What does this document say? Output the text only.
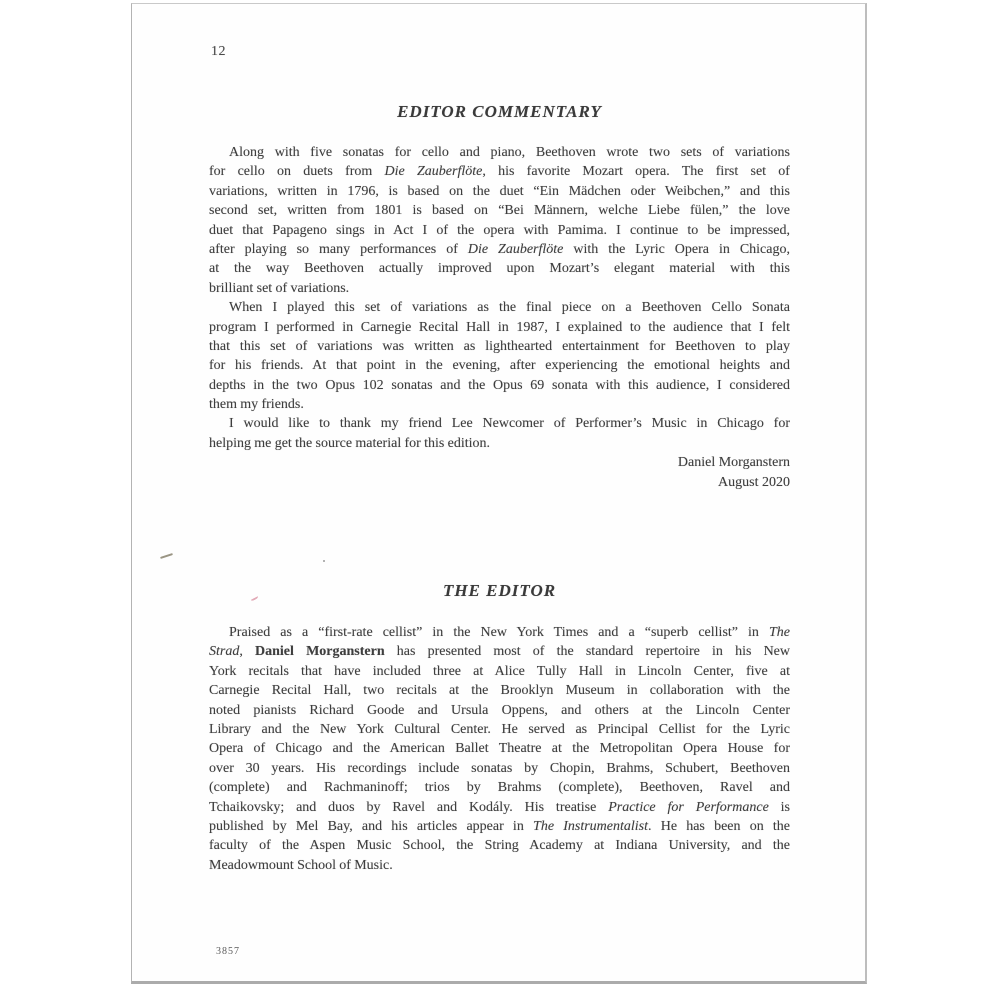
12
EDITOR COMMENTARY
Along with five sonatas for cello and piano, Beethoven wrote two sets of variations
for cello on duets from Die Zauberflöte, his favorite Mozart opera. The first set of
variations, written in 1796, is based on the duet “Ein Mädchen oder Weibchen,” and this
second set, written from 1801 is based on “Bei Männern, welche Liebe fülen,” the love
duet that Papageno sings in Act I of the opera with Pamima. I continue to be impressed,
after playing so many performances of Die Zauberflöte with the Lyric Opera in Chicago,
at the way Beethoven actually improved upon Mozart’s elegant material with this
brilliant set of variations.
When I played this set of variations as the final piece on a Beethoven Cello Sonata
program I performed in Carnegie Recital Hall in 1987, I explained to the audience that I felt
that this set of variations was written as lighthearted entertainment for Beethoven to play
for his friends. At that point in the evening, after experiencing the emotional heights and
depths in the two Opus 102 sonatas and the Opus 69 sonata with this audience, I considered
them my friends.
I would like to thank my friend Lee Newcomer of Performer’s Music in Chicago for
helping me get the source material for this edition.
Daniel Morganstern
August 2020
THE EDITOR
Praised as a “first-rate cellist” in the New York Times and a “superb cellist” in The
Strad, Daniel Morganstern has presented most of the standard repertoire in his New
York recitals that have included three at Alice Tully Hall in Lincoln Center, five at
Carnegie Recital Hall, two recitals at the Brooklyn Museum in collaboration with the
noted pianists Richard Goode and Ursula Oppens, and others at the Lincoln Center
Library and the New York Cultural Center. He served as Principal Cellist for the Lyric
Opera of Chicago and the American Ballet Theatre at the Metropolitan Opera House for
over 30 years. His recordings include sonatas by Chopin, Brahms, Schubert, Beethoven
(complete) and Rachmaninoff; trios by Brahms (complete), Beethoven, Ravel and
Tchaikovsky; and duos by Ravel and Kodály. His treatise Practice for Performance is
published by Mel Bay, and his articles appear in The Instrumentalist. He has been on the
faculty of the Aspen Music School, the String Academy at Indiana University, and the
Meadowmount School of Music.
3857
